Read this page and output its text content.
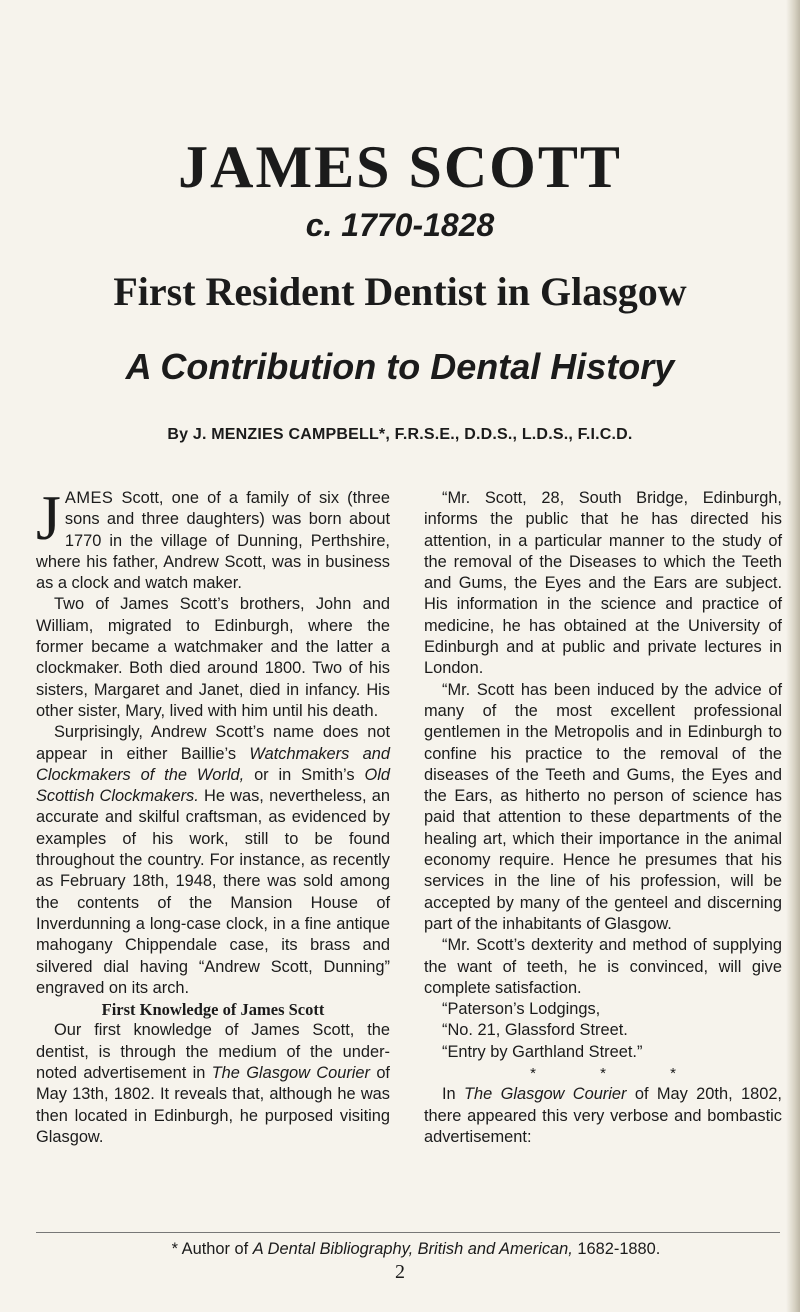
JAMES SCOTT
c. 1770-1828
First Resident Dentist in Glasgow
A Contribution to Dental History
By J. MENZIES CAMPBELL*, F.R.S.E., D.D.S., L.D.S., F.I.C.D.

JAMES Scott, one of a family of six (three sons and three daughters) was born about 1770 in the village of Dunning, Perthshire, where his father, Andrew Scott, was in business as a clock and watch maker.

Two of James Scott’s brothers, John and William, migrated to Edinburgh, where the former became a watchmaker and the latter a clockmaker. Both died around 1800. Two of his sisters, Margaret and Janet, died in infancy. His other sister, Mary, lived with him until his death.

Surprisingly, Andrew Scott’s name does not appear in either Baillie’s Watchmakers and Clockmakers of the World, or in Smith’s Old Scottish Clockmakers. He was, nevertheless, an accurate and skilful craftsman, as evidenced by examples of his work, still to be found throughout the country. For instance, as recently as February 18th, 1948, there was sold among the contents of the Mansion House of Inverdunning a long-case clock, in a fine antique mahogany Chippendale case, its brass and silvered dial having “Andrew Scott, Dunning” engraved on its arch.

First Knowledge of James Scott

Our first knowledge of James Scott, the dentist, is through the medium of the under-noted advertisement in The Glasgow Courier of May 13th, 1802. It reveals that, although he was then located in Edinburgh, he purposed visiting Glasgow.

“Mr. Scott, 28, South Bridge, Edinburgh, informs the public that he has directed his attention, in a particular manner to the study of the removal of the Diseases to which the Teeth and Gums, the Eyes and the Ears are subject. His information in the science and practice of medicine, he has obtained at the University of Edinburgh and at public and private lectures in London.

“Mr. Scott has been induced by the advice of many of the most excellent professional gentlemen in the Metropolis and in Edinburgh to confine his practice to the removal of the diseases of the Teeth and Gums, the Eyes and the Ears, as hitherto no person of science has paid that attention to these departments of the healing art, which their importance in the animal economy require. Hence he presumes that his services in the line of his profession, will be accepted by many of the genteel and discerning part of the inhabitants of Glasgow.

“Mr. Scott’s dexterity and method of supplying the want of teeth, he is convinced, will give complete satisfaction.

“Paterson’s Lodgings,

“No. 21, Glassford Street.

“Entry by Garthland Street.”

* * *

In The Glasgow Courier of May 20th, 1802, there appeared this very verbose and bombastic advertisement:

* Author of A Dental Bibliography, British and American, 1682-1880.
2
